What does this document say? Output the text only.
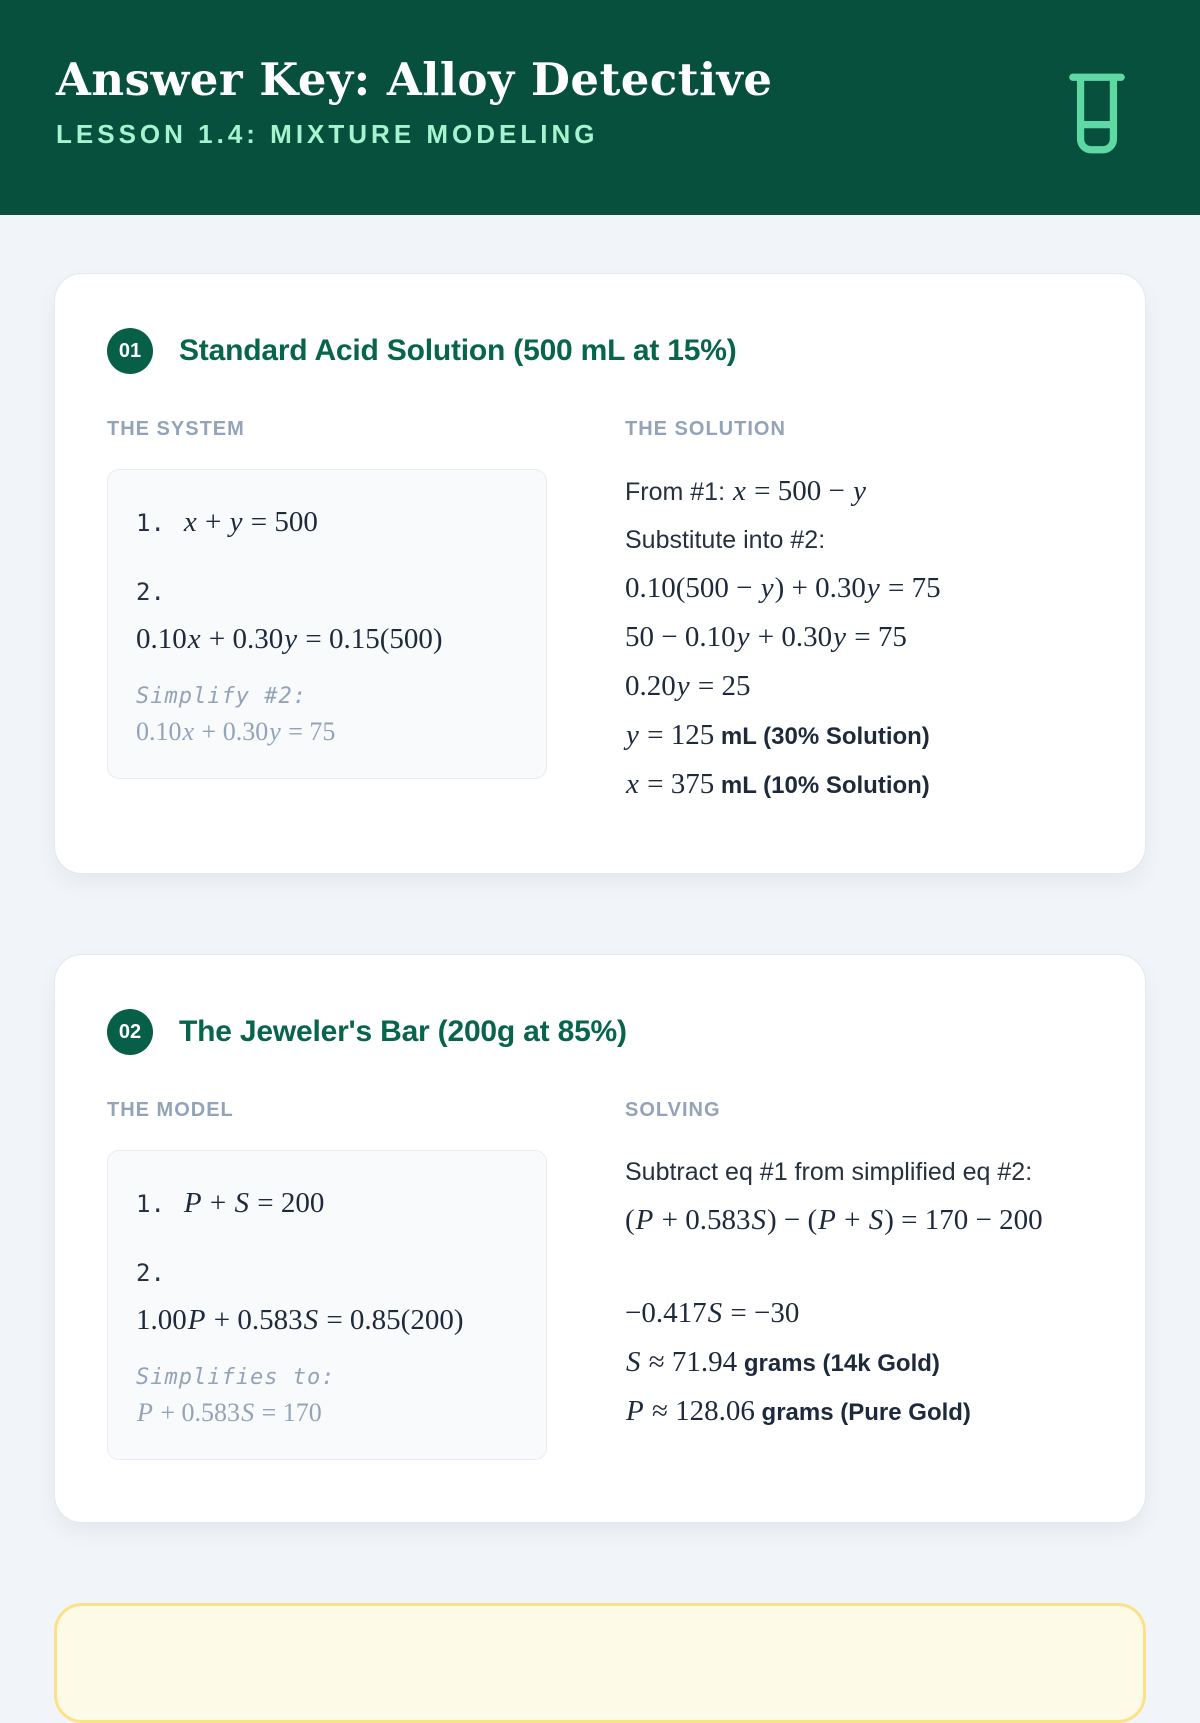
Answer Key: Alloy Detective
LESSON 1.4: MIXTURE MODELING
01	Standard Acid Solution (500 mL at 15%)
THE SYSTEM
1. x + y = 500
2.
0.10x + 0.30y = 0.15(500)
Simplify #2:
0.10x + 0.30y = 75
THE SOLUTION
From #1: x = 500 − y
Substitute into #2:
0.10(500 − y) + 0.30y = 75
50 − 0.10y + 0.30y = 75
0.20y = 25
y = 125 mL (30% Solution)
x = 375 mL (10% Solution)
02	The Jeweler's Bar (200g at 85%)
THE MODEL
1. P + S = 200
2.
1.00P + 0.583S = 0.85(200)
Simplifies to:
P + 0.583S = 170
SOLVING
Subtract eq #1 from simplified eq #2:
(P + 0.583S) − (P + S) = 170 − 200
−0.417S = −30
S ≈ 71.94 grams (14k Gold)
P ≈ 128.06 grams (Pure Gold)
